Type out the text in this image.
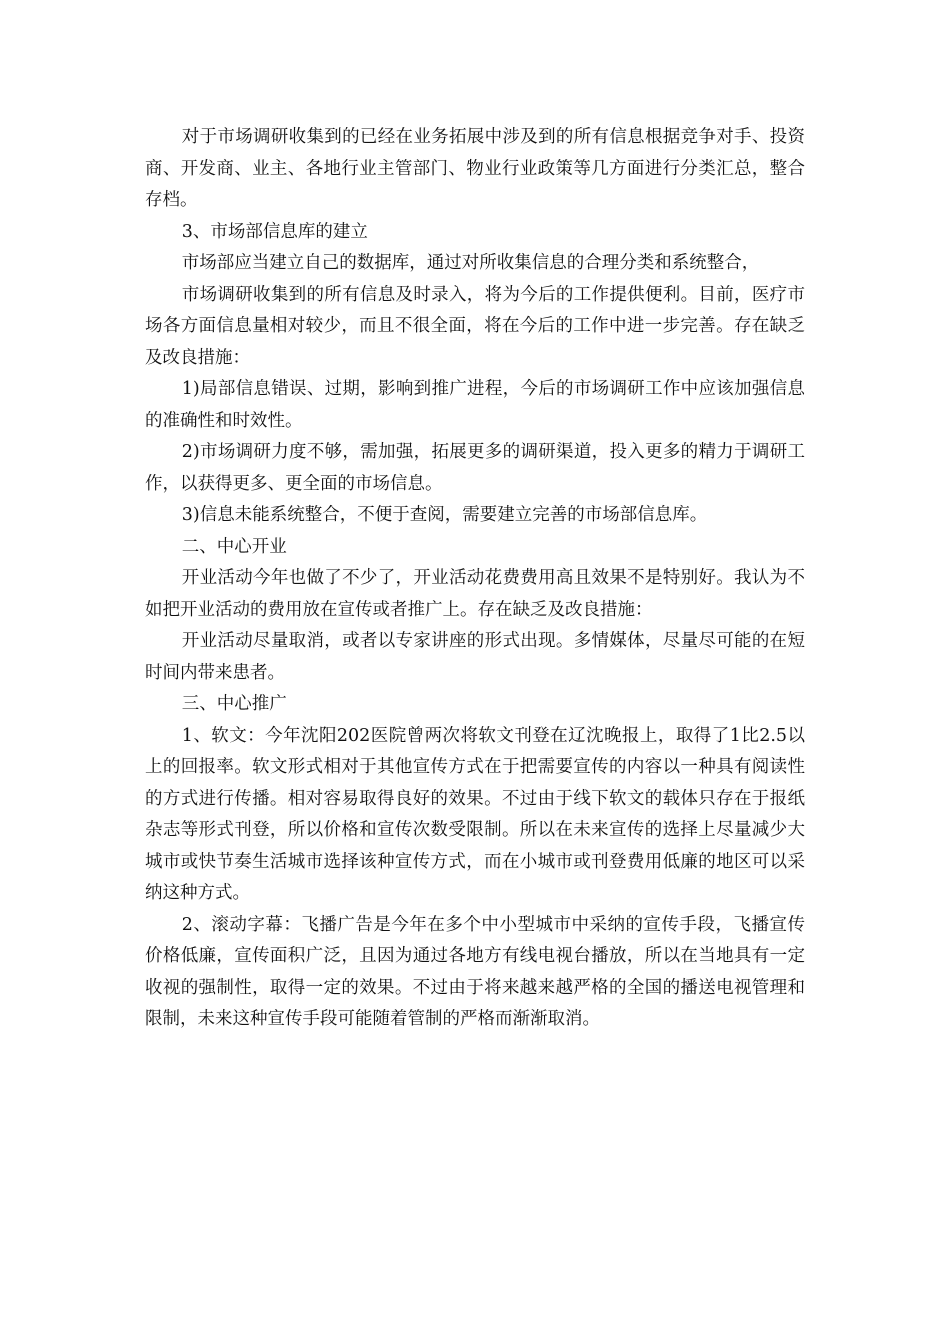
对于市场调研收集到的已经在业务拓展中涉及到的所有信息根据竞争对手、投资商、开发商、业主、各地行业主管部门、物业行业政策等几方面进行分类汇总，整合存档。

3、市场部信息库的建立

市场部应当建立自己的数据库，通过对所收集信息的合理分类和系统整合，

市场调研收集到的所有信息及时录入，将为今后的工作提供便利。目前，医疗市场各方面信息量相对较少，而且不很全面，将在今后的工作中进一步完善。存在缺乏及改良措施：

1)局部信息错误、过期，影响到推广进程，今后的市场调研工作中应该加强信息的准确性和时效性。

2)市场调研力度不够，需加强，拓展更多的调研渠道，投入更多的精力于调研工作，以获得更多、更全面的市场信息。

3)信息未能系统整合，不便于查阅，需要建立完善的市场部信息库。

二、中心开业

开业活动今年也做了不少了，开业活动花费费用高且效果不是特别好。我认为不如把开业活动的费用放在宣传或者推广上。存在缺乏及改良措施：

开业活动尽量取消，或者以专家讲座的形式出现。多情媒体，尽量尽可能的在短时间内带来患者。

三、中心推广

1、软文：今年沈阳202医院曾两次将软文刊登在辽沈晚报上，取得了1比2.5以上的回报率。软文形式相对于其他宣传方式在于把需要宣传的内容以一种具有阅读性的方式进行传播。相对容易取得良好的效果。不过由于线下软文的载体只存在于报纸杂志等形式刊登，所以价格和宣传次数受限制。所以在未来宣传的选择上尽量减少大城市或快节奏生活城市选择该种宣传方式，而在小城市或刊登费用低廉的地区可以采纳这种方式。

2、滚动字幕：飞播广告是今年在多个中小型城市中采纳的宣传手段，飞播宣传价格低廉，宣传面积广泛，且因为通过各地方有线电视台播放，所以在当地具有一定收视的强制性，取得一定的效果。不过由于将来越来越严格的全国的播送电视管理和限制，未来这种宣传手段可能随着管制的严格而渐渐取消。
